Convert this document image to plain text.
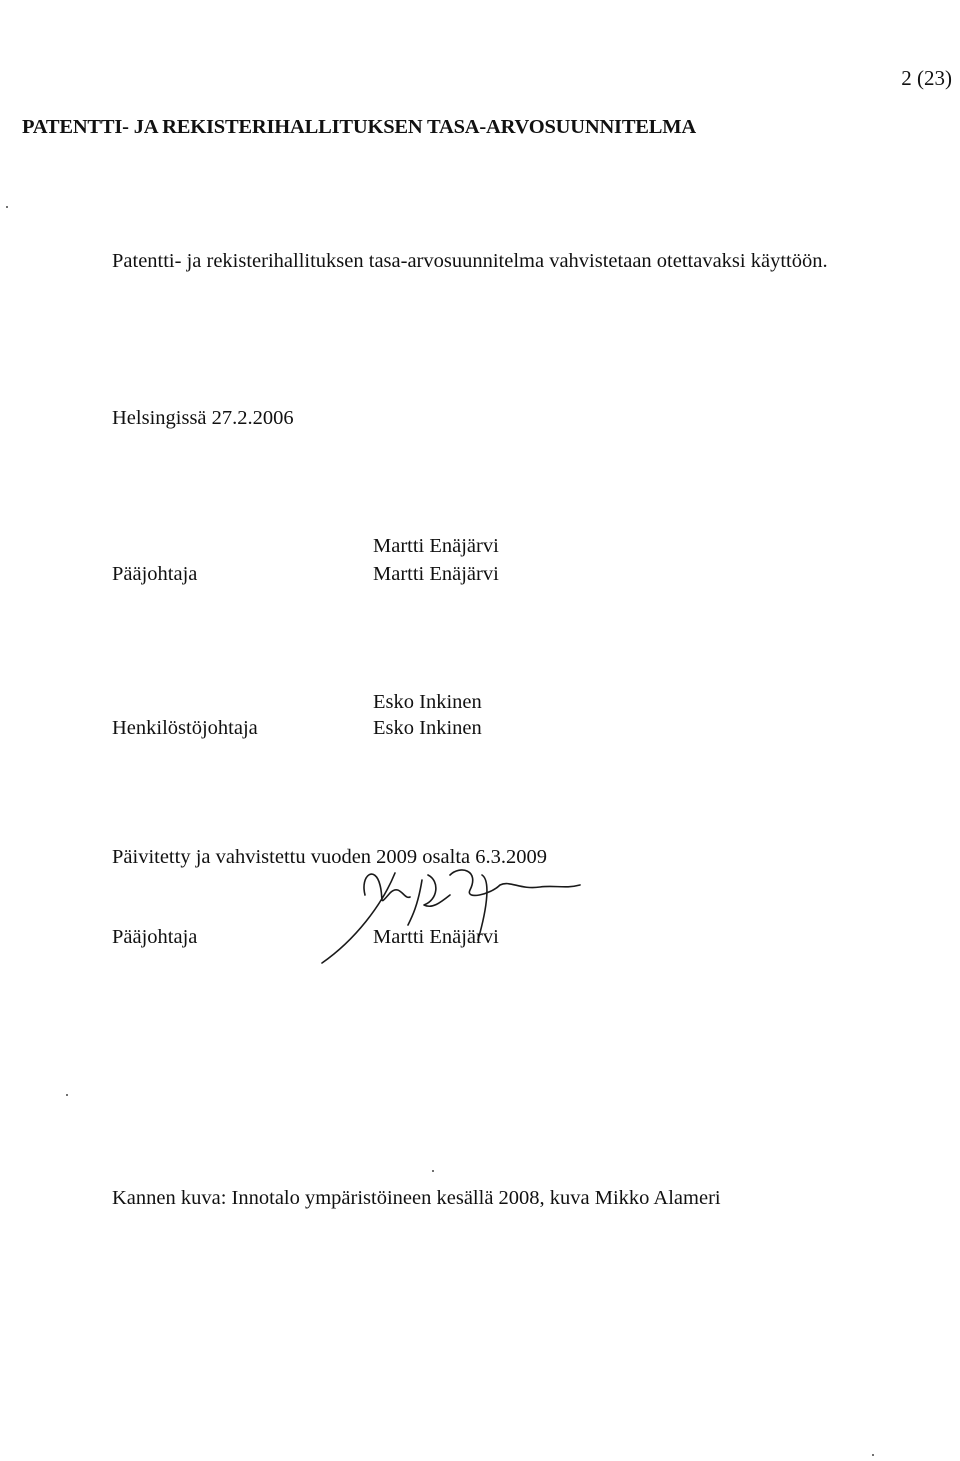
2 (23)
PATENTTI- JA REKISTERIHALLITUKSEN TASA-ARVOSUUNNITELMA
Patentti- ja rekisterihallituksen tasa-arvosuunnitelma vahvistetaan otettavaksi käyttöön.
Helsingissä 27.2.2006
Pääjohtaja
Martti Enäjärvi
Martti Enäjärvi
Henkilöstöjohtaja
Esko Inkinen
Esko Inkinen
Päivitetty ja vahvistettu vuoden 2009 osalta 6.3.2009
Pääjohtaja	Martti Enäjärvi
Kannen kuva: Innotalo ympäristöineen kesällä 2008, kuva Mikko Alameri
